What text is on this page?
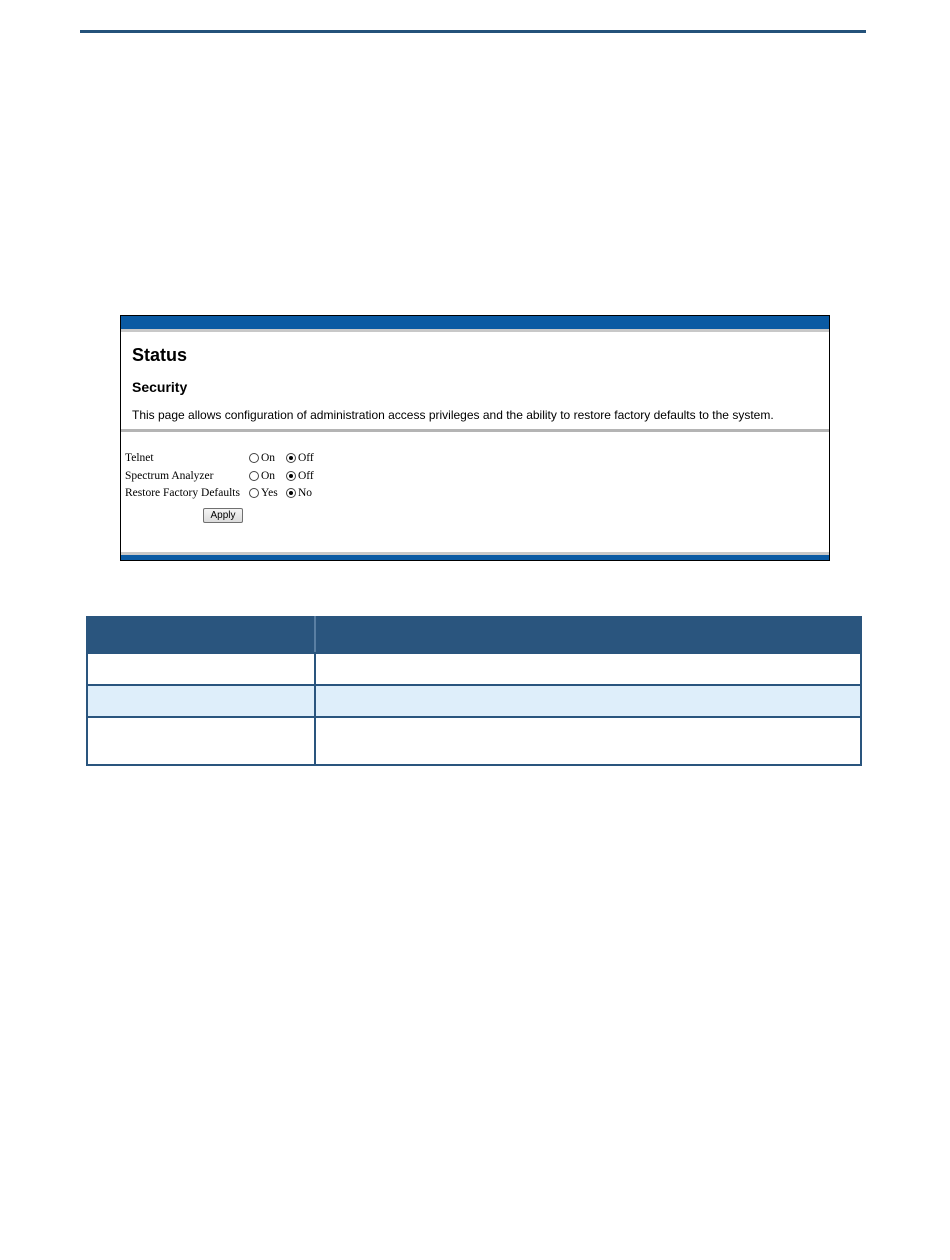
Status
Security
This page allows configuration of administration access privileges and the ability to restore factory defaults to the system.
Telnet	On Off
Spectrum Analyzer	On Off
Restore Factory Defaults Yes No
Apply
